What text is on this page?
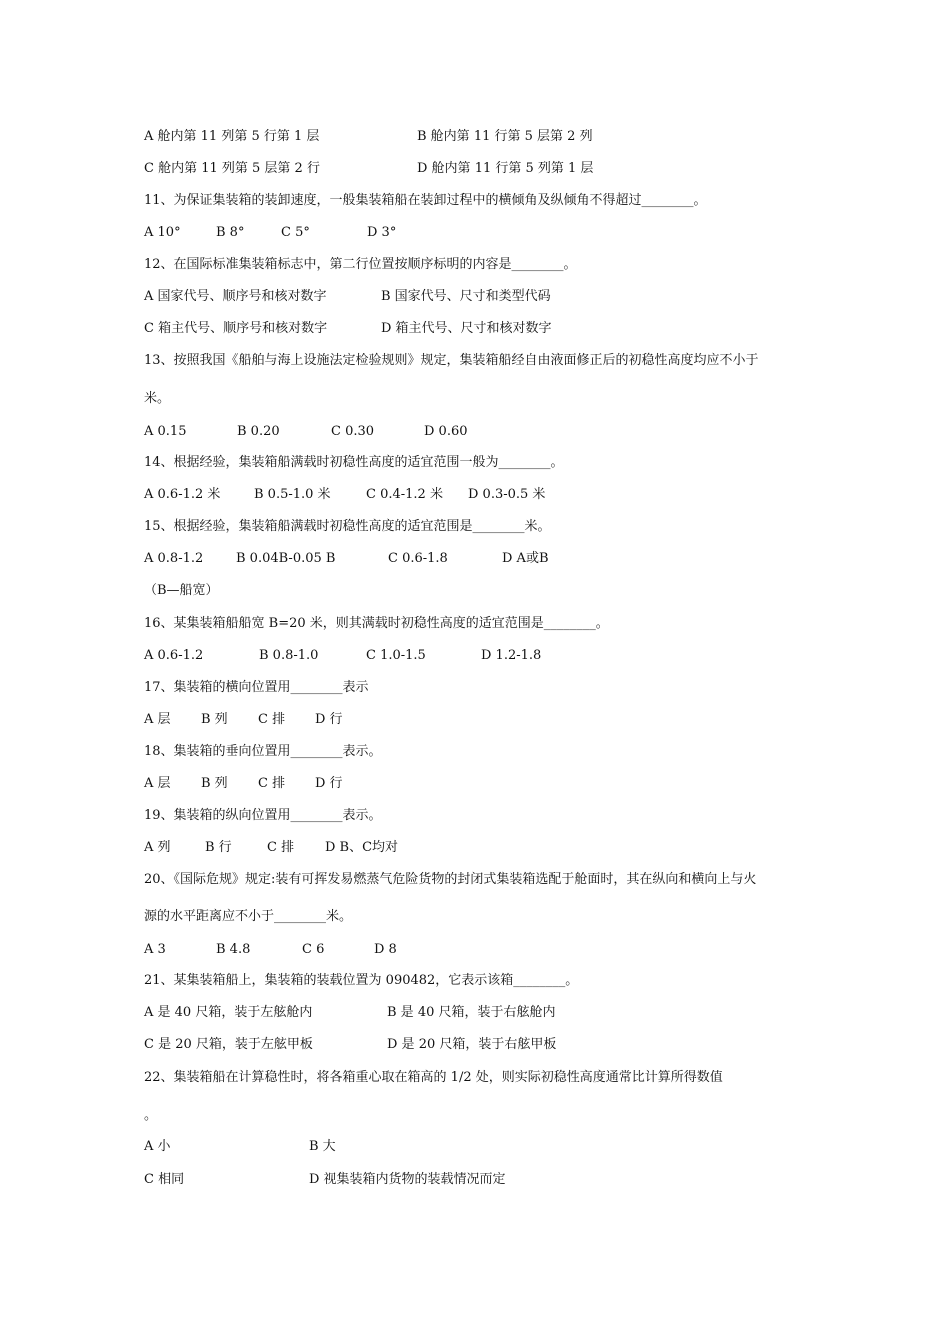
A 舱内第 11 列第 5 行第 1 层	B 舱内第 11 行第 5 层第 2 列
C 舱内第 11 列第 5 层第 2 行	D 舱内第 11 行第 5 列第 1 层
11、为保证集装箱的装卸速度，一般集装箱船在装卸过程中的横倾角及纵倾角不得超过________。
A 10°	B 8°	C 5°	D 3°
12、在国际标准集装箱标志中，第二行位置按顺序标明的内容是________。
A 国家代号、顺序号和核对数字	B 国家代号、尺寸和类型代码
C 箱主代号、顺序号和核对数字	D 箱主代号、尺寸和核对数字
13、按照我国《船舶与海上设施法定检验规则》规定，集装箱船经自由液面修正后的初稳性高度均应不小于
米。
A 0.15	B 0.20	C 0.30	D 0.60
14、根据经验，集装箱船满载时初稳性高度的适宜范围一般为________。
A 0.6-1.2 米	B 0.5-1.0 米	C 0.4-1.2 米 D 0.3-0.5 米
15、根据经验，集装箱船满载时初稳性高度的适宜范围是________米。
A 0.8-1.2	B 0.04B-0.05 B	C 0.6-1.8	D A或B
（B—船宽）
16、某集装箱船船宽 B=20 米，则其满载时初稳性高度的适宜范围是________。
A 0.6-1.2	B 0.8-1.0	C 1.0-1.5	D 1.2-1.8
17、集装箱的横向位置用________表示
A 层 B 列 C 排 D 行
18、集装箱的垂向位置用________表示。
A 层 B 列 C 排 D 行
19、集装箱的纵向位置用________表示。
A 列	B 行	C 排 D B、C均对
20、《国际危规》规定:装有可挥发易燃蒸气危险货物的封闭式集装箱选配于舱面时，其在纵向和横向上与火
源的水平距离应不小于________米。
A 3	B 4.8	C 6	D 8
21、某集装箱船上，集装箱的装载位置为 090482，它表示该箱________。
A 是 40 尺箱，装于左舷舱内	B 是 40 尺箱，装于右舷舱内
C 是 20 尺箱，装于左舷甲板	D 是 20 尺箱，装于右舷甲板
22、集装箱船在计算稳性时，将各箱重心取在箱高的 1/2 处，则实际初稳性高度通常比计算所得数值
。
A 小	B 大
C 相同	D 视集装箱内货物的装载情况而定
